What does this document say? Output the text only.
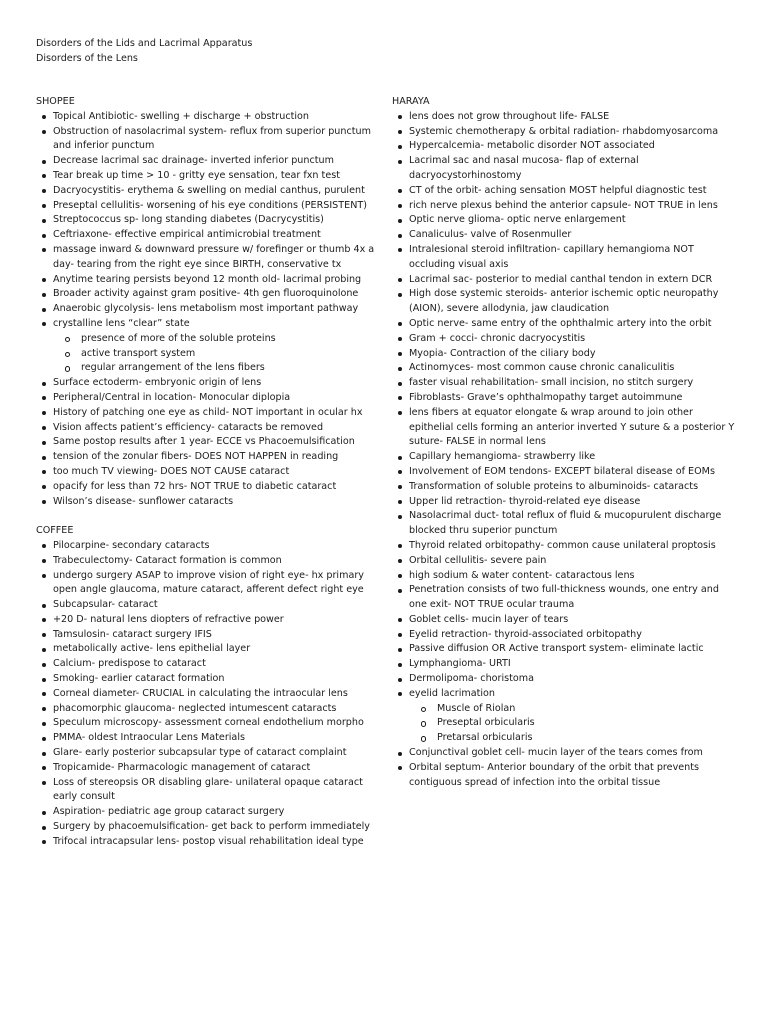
Disorders of the Lids and Lacrimal Apparatus
Disorders of the Lens
SHOPEE
Topical Antibiotic- swelling + discharge + obstruction
Obstruction of nasolacrimal system- reflux from superior punctum and inferior punctum
Decrease lacrimal sac drainage- inverted inferior punctum
Tear break up time > 10 - gritty eye sensation, tear fxn test
Dacryocystitis- erythema & swelling on medial canthus, purulent
Preseptal cellulitis- worsening of his eye conditions (PERSISTENT)
Streptococcus sp- long standing diabetes (Dacrycystitis)
Ceftriaxone- effective empirical antimicrobial treatment
massage inward & downward pressure w/ forefinger or thumb 4x a day- tearing from the right eye since BIRTH, conservative tx
Anytime tearing persists beyond 12 month old- lacrimal probing
Broader activity against gram positive- 4th gen fluoroquinolone
Anaerobic glycolysis- lens metabolism most important pathway
crystalline lens “clear” state
presence of more of the soluble proteins
active transport system
regular arrangement of the lens fibers
Surface ectoderm- embryonic origin of lens
Peripheral/Central in location- Monocular diplopia
History of patching one eye as child- NOT important in ocular hx
Vision affects patient’s efficiency- cataracts be removed
Same postop results after 1 year- ECCE vs Phacoemulsification
tension of the zonular fibers- DOES NOT HAPPEN in reading
too much TV viewing- DOES NOT CAUSE cataract
opacify for less than 72 hrs- NOT TRUE to diabetic cataract
Wilson’s disease- sunflower cataracts
COFFEE
Pilocarpine- secondary cataracts
Trabeculectomy- Cataract formation is common
undergo surgery ASAP to improve vision of right eye- hx primary open angle glaucoma, mature cataract, afferent defect right eye
Subcapsular- cataract
+20 D- natural lens diopters of refractive power
Tamsulosin- cataract surgery IFIS
metabolically active- lens epithelial layer
Calcium- predispose to cataract
Smoking- earlier cataract formation
Corneal diameter- CRUCIAL in calculating the intraocular lens
phacomorphic glaucoma- neglected intumescent cataracts
Speculum microscopy- assessment corneal endothelium morpho
PMMA- oldest Intraocular Lens Materials
Glare- early posterior subcapsular type of cataract complaint
Tropicamide- Pharmacologic management of cataract
Loss of stereopsis OR disabling glare- unilateral opaque cataract early consult
Aspiration- pediatric age group cataract surgery
Surgery by phacoemulsification- get back to perform immediately
Trifocal intracapsular lens- postop visual rehabilitation ideal type
HARAYA
lens does not grow throughout life- FALSE
Systemic chemotherapy & orbital radiation- rhabdomyosarcoma
Hypercalcemia- metabolic disorder NOT associated
Lacrimal sac and nasal mucosa- flap of external dacryocystorhinostomy
CT of the orbit- aching sensation MOST helpful diagnostic test
rich nerve plexus behind the anterior capsule- NOT TRUE in lens
Optic nerve glioma- optic nerve enlargement
Canaliculus- valve of Rosenmuller
Intralesional steroid infiltration- capillary hemangioma NOT occluding visual axis
Lacrimal sac- posterior to medial canthal tendon in extern DCR
High dose systemic steroids- anterior ischemic optic neuropathy (AION), severe allodynia, jaw claudication
Optic nerve- same entry of the ophthalmic artery into the orbit
Gram + cocci- chronic dacryocystitis
Myopia- Contraction of the ciliary body
Actinomyces- most common cause chronic canaliculitis
faster visual rehabilitation- small incision, no stitch surgery
Fibroblasts- Grave’s ophthalmopathy target autoimmune
lens fibers at equator elongate & wrap around to join other epithelial cells forming an anterior inverted Y suture & a posterior Y suture- FALSE in normal lens
Capillary hemangioma- strawberry like
Involvement of EOM tendons- EXCEPT bilateral disease of EOMs
Transformation of soluble proteins to albuminoids- cataracts
Upper lid retraction- thyroid-related eye disease
Nasolacrimal duct- total reflux of fluid & mucopurulent discharge blocked thru superior punctum
Thyroid related orbitopathy- common cause unilateral proptosis
Orbital cellulitis- severe pain
high sodium & water content- cataractous lens
Penetration consists of two full-thickness wounds, one entry and one exit- NOT TRUE ocular trauma
Goblet cells- mucin layer of tears
Eyelid retraction- thyroid-associated orbitopathy
Passive diffusion OR Active transport system- eliminate lactic
Lymphangioma- URTI
Dermolipoma- choristoma
eyelid lacrimation
Muscle of Riolan
Preseptal orbicularis
Pretarsal orbicularis
Conjunctival goblet cell- mucin layer of the tears comes from
Orbital septum- Anterior boundary of the orbit that prevents contiguous spread of infection into the orbital tissue
